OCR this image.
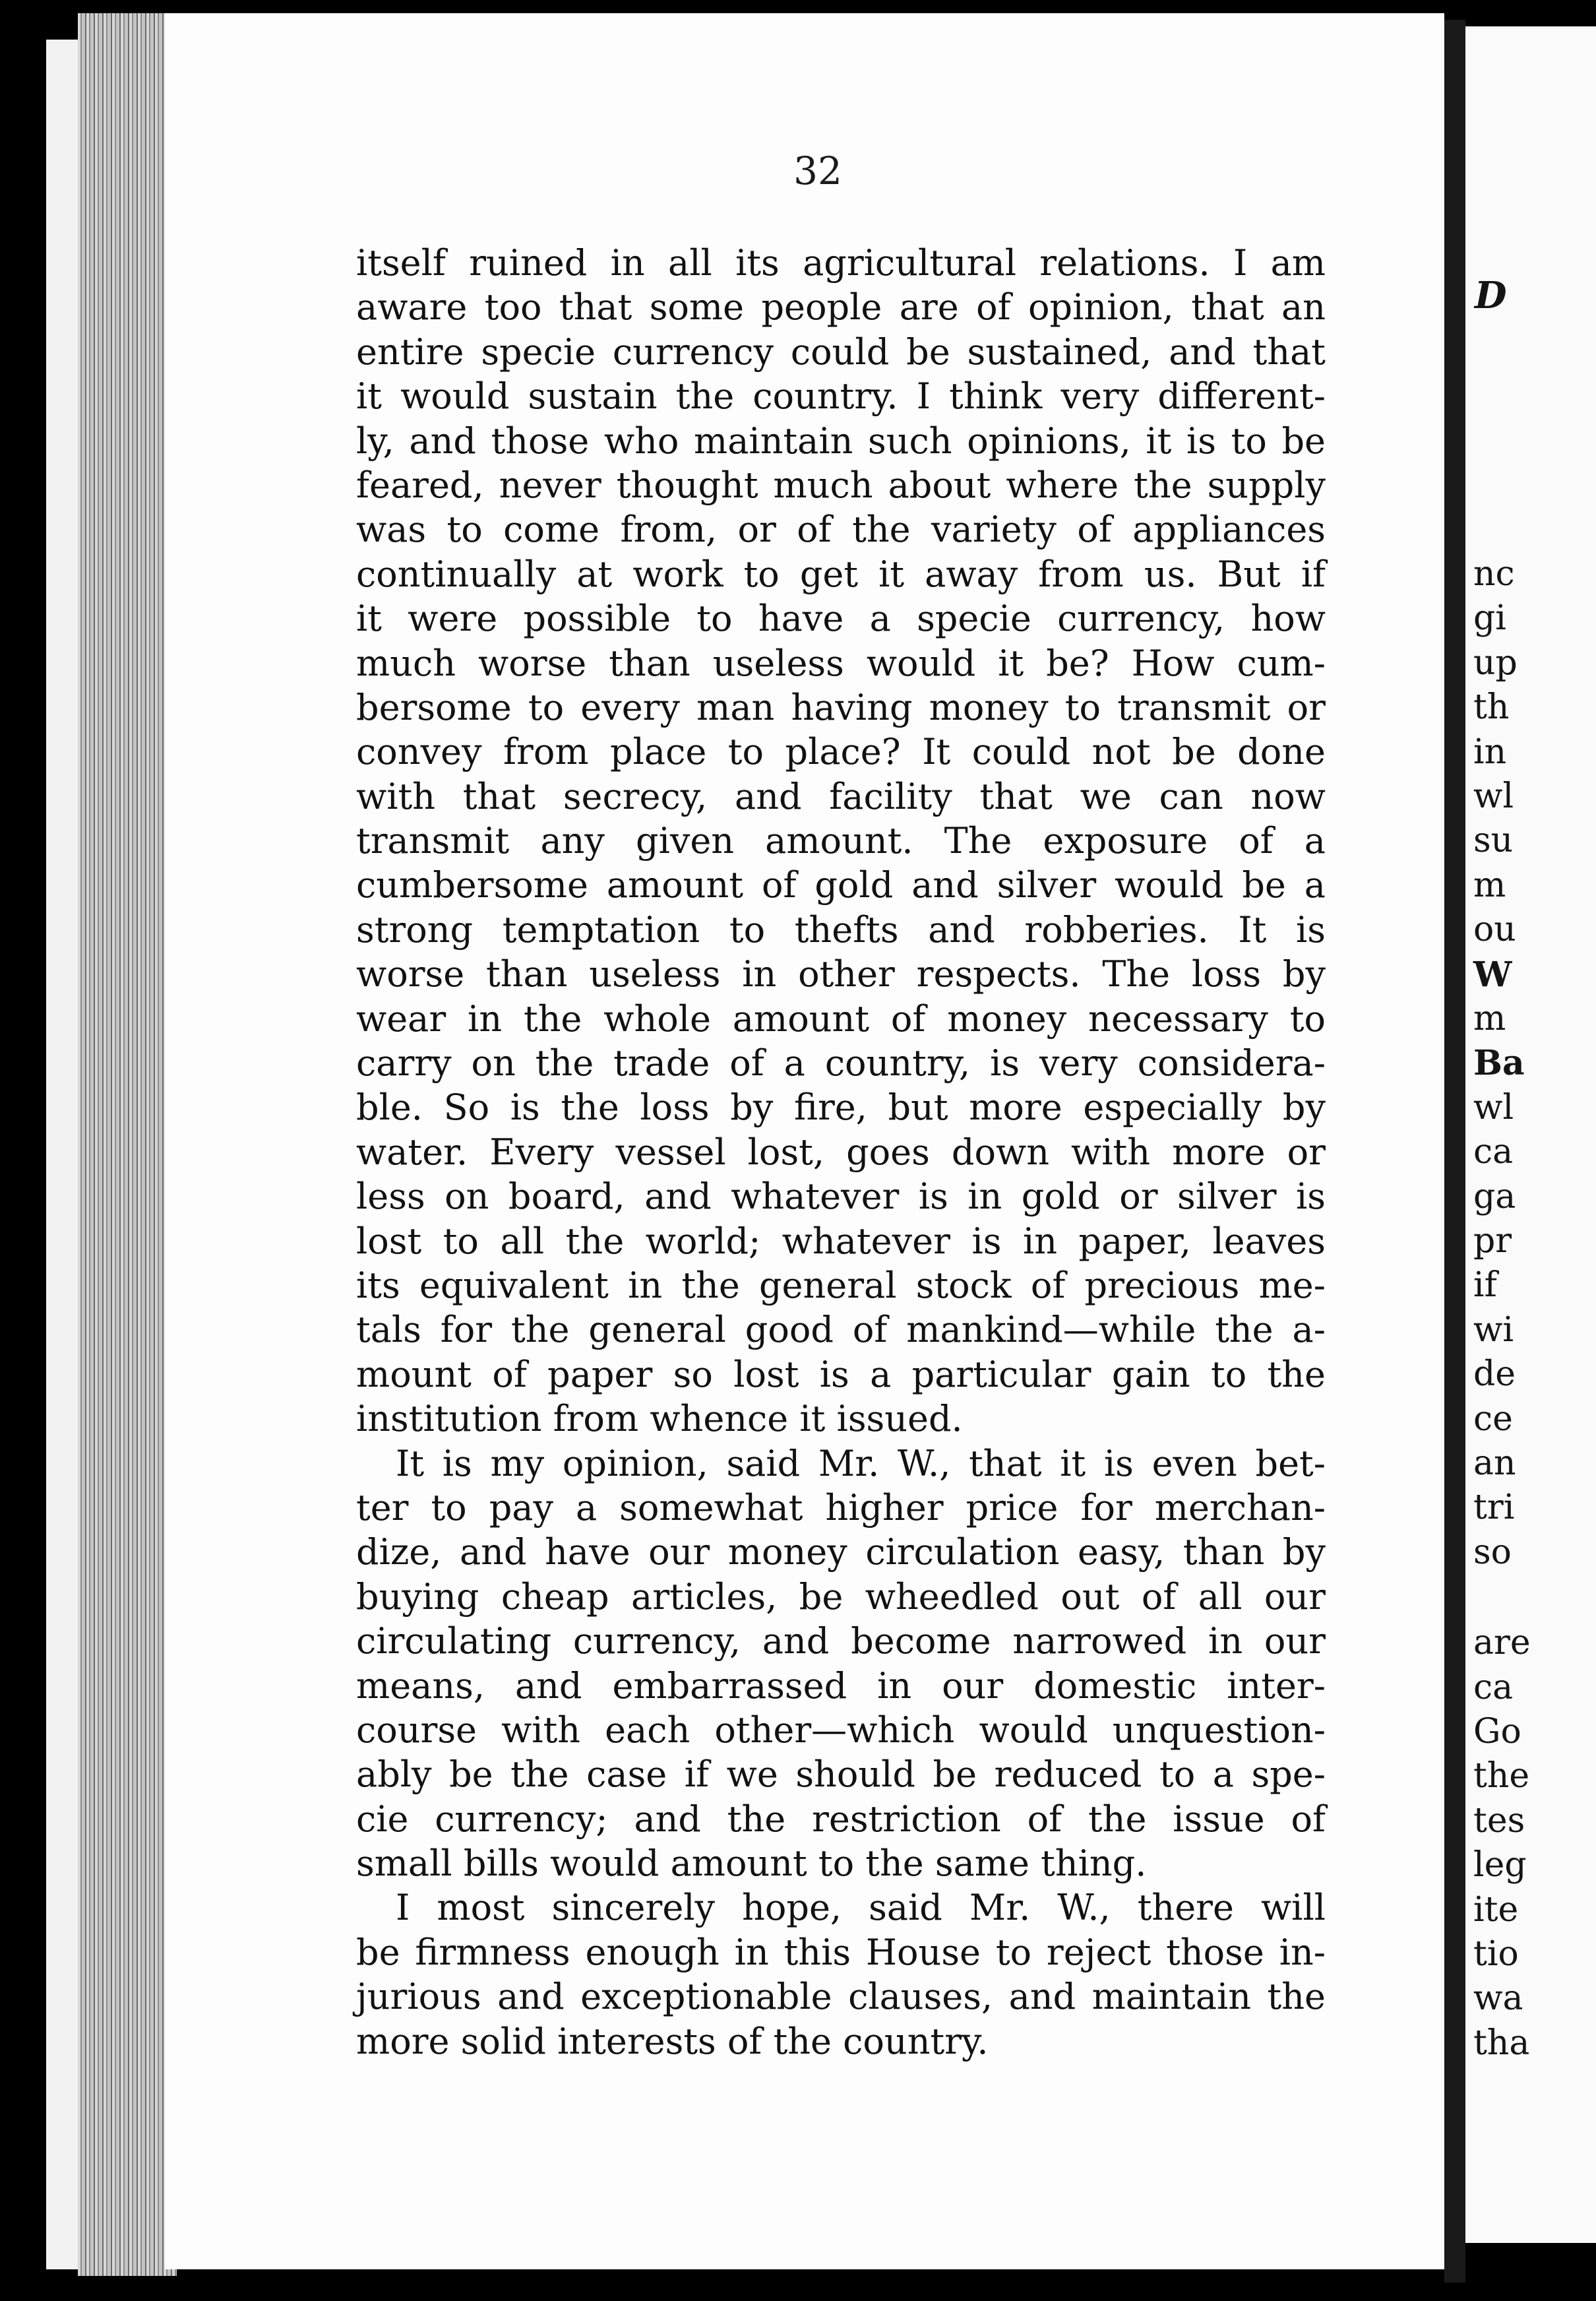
D
nc
gi
up
th
in
wl
su
m
ou
W
m
Ba
wl
ca
ga
pr
if
wi
de
ce
an
tri
so
are
ca
Go
the
tes
leg
ite
tio
wa
tha
32
itself ruined in all its agricultural relations. I am
aware too that some people are of opinion, that an
entire specie currency could be sustained, and that
it would sustain the country. I think very different-
ly, and those who maintain such opinions, it is to be
feared, never thought much about where the supply
was to come from, or of the variety of appliances
continually at work to get it away from us. But if
it were possible to have a specie currency, how
much worse than useless would it be? How cum-
bersome to every man having money to transmit or
convey from place to place? It could not be done
with that secrecy, and facility that we can now
transmit any given amount. The exposure of a
cumbersome amount of gold and silver would be a
strong temptation to thefts and robberies. It is
worse than useless in other respects. The loss by
wear in the whole amount of money necessary to
carry on the trade of a country, is very considera-
ble. So is the loss by fire, but more especially by
water. Every vessel lost, goes down with more or
less on board, and whatever is in gold or silver is
lost to all the world; whatever is in paper, leaves
its equivalent in the general stock of precious me-
tals for the general good of mankind—while the a-
mount of paper so lost is a particular gain to the
institution from whence it issued.
It is my opinion, said Mr. W., that it is even bet-
ter to pay a somewhat higher price for merchan-
dize, and have our money circulation easy, than by
buying cheap articles, be wheedled out of all our
circulating currency, and become narrowed in our
means, and embarrassed in our domestic inter-
course with each other—which would unquestion-
ably be the case if we should be reduced to a spe-
cie currency; and the restriction of the issue of
small bills would amount to the same thing.
I most sincerely hope, said Mr. W., there will
be firmness enough in this House to reject those in-
jurious and exceptionable clauses, and maintain the
more solid interests of the country.
